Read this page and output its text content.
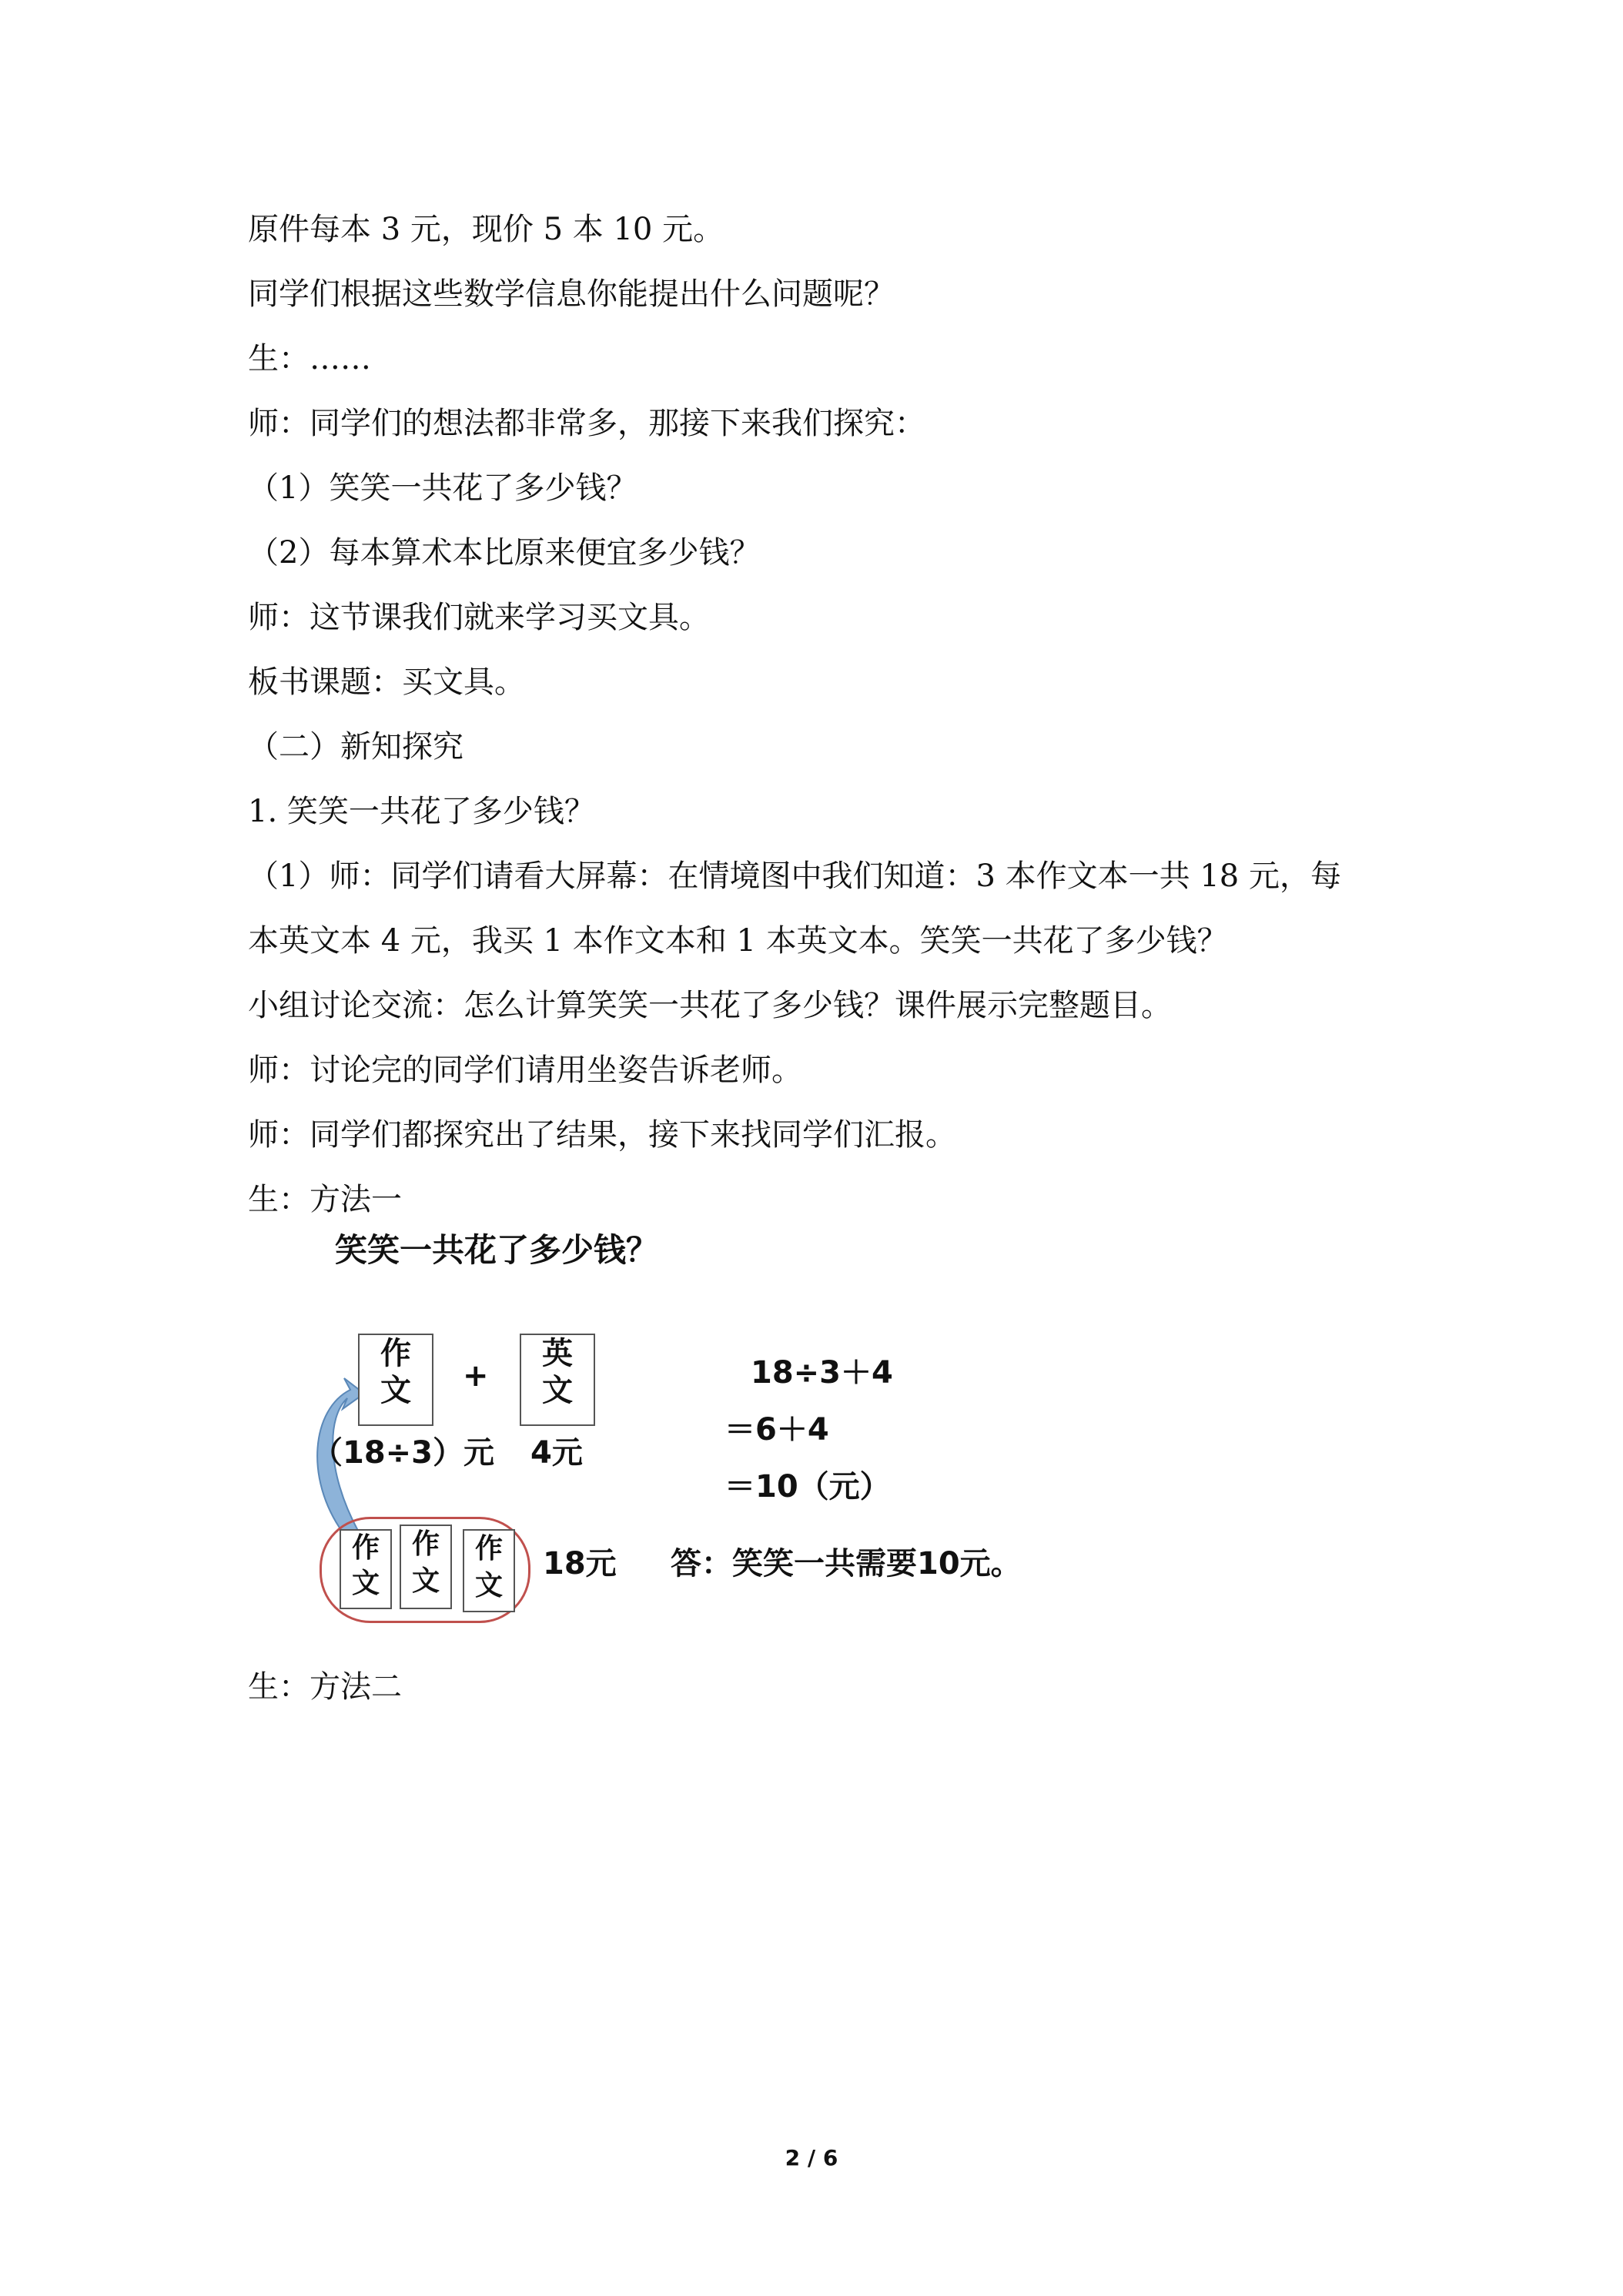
原件每本 3 元，现价 5 本 10 元。
同学们根据这些数学信息你能提出什么问题呢？
生：……
师：同学们的想法都非常多，那接下来我们探究：
（1）笑笑一共花了多少钱？
（2）每本算术本比原来便宜多少钱？
师：这节课我们就来学习买文具。
板书课题：买文具。
（二）新知探究
1. 笑笑一共花了多少钱？
（1）师：同学们请看大屏幕：在情境图中我们知道：3 本作文本一共 18 元，每
本英文本 4 元，我买 1 本作文本和 1 本英文本。笑笑一共花了多少钱？
小组讨论交流：怎么计算笑笑一共花了多少钱？课件展示完整题目。
师：讨论完的同学们请用坐姿告诉老师。
师：同学们都探究出了结果，接下来找同学们汇报。
生：方法一
笑笑一共花了多少钱？
作
文	+
英
文
（18÷3）元 4元
作
文
作
文
作
文
18元
18÷3＋4
＝6＋4
＝10（元）
答：笑笑一共需要10元。
生：方法二
2 / 6
